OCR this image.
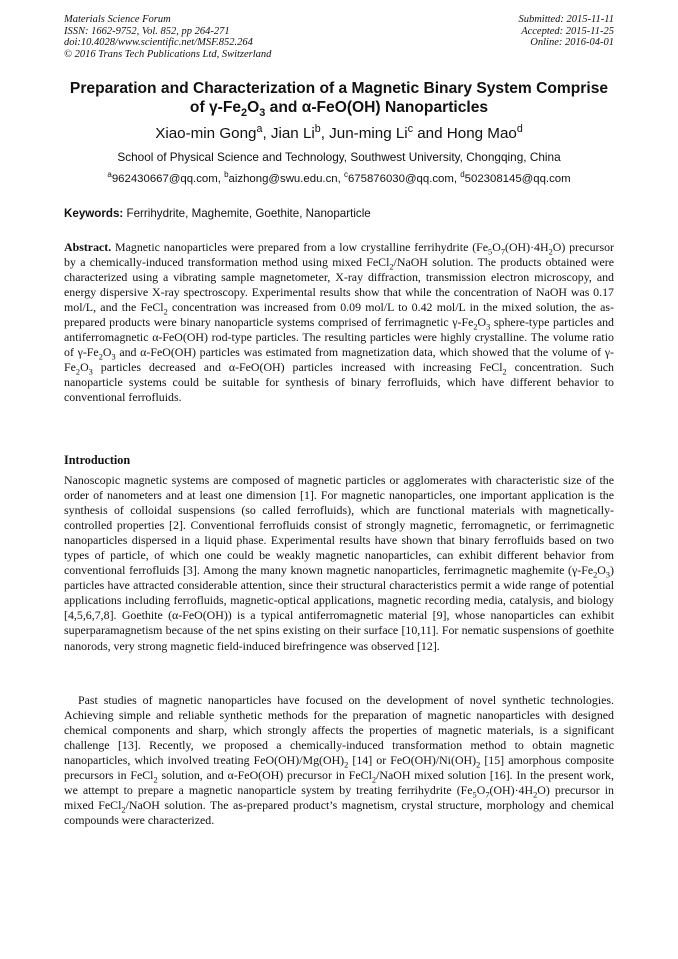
Materials Science Forum
ISSN: 1662-9752, Vol. 852, pp 264-271
doi:10.4028/www.scientific.net/MSF.852.264
© 2016 Trans Tech Publications Ltd, Switzerland
Submitted: 2015-11-11
Accepted: 2015-11-25
Online: 2016-04-01
Preparation and Characterization of a Magnetic Binary System Comprise
of $\gamma-Fe_2O_3$ and α-FeO(OH) Nanoparticles

Xiao-min Gong$^a$, Jian Li$^b$, Jun-ming Li$^c$ and Hong Mao$^d$

School of Physical Science and Technology, Southwest University, Chongqing, China

$^a$962430667@qq.com, $^b$aizhong@swu.edu.cn, $^c$675876030@qq.com, $^d$502308145@qq.com

Keywords: Ferrihydrite, Maghemite, Goethite, Nanoparticle

Abstract. Magnetic nanoparticles were prepared from a low crystalline ferrihydrite $(Fe_5O_7(OH)\cdot 4H_2O)$ precursor by a chemically-induced transformation method using mixed FeCl$_2$/NaOH solution. The products obtained were characterized using a vibrating sample magnetometer, X-ray diffraction, transmission electron microscopy, and energy dispersive X-ray spectroscopy. Experimental results show that while the concentration of NaOH was 0.17 mol/L, and the FeCl$_2$ concentration was increased from 0.09 mol/L to 0.42 mol/L in the mixed solution, the as-prepared products were binary nanoparticle systems comprised of ferrimagnetic $\gamma-Fe_2O_3$ sphere-type particles and antiferromagnetic α-FeO(OH) rod-type particles. The resulting particles were highly crystalline. The volume ratio of $\gamma-Fe_2O_3$ and α-FeO(OH) particles was estimated from magnetization data, which showed that the volume of $\gamma-Fe_2O_3$ particles decreased and α-FeO(OH) particles increased with increasing FeCl$_2$ concentration. Such nanoparticle systems could be suitable for synthesis of binary ferrofluids, which have different behavior to conventional ferrofluids.

Introduction

Nanoscopic magnetic systems are composed of magnetic particles or agglomerates with characteristic size of the order of nanometers and at least one dimension [1]. For magnetic nanoparticles, one important application is the synthesis of colloidal suspensions (so called ferrofluids), which are functional materials with magnetically-controlled properties [2]. Conventional ferrofluids consist of strongly magnetic, ferromagnetic, or ferrimagnetic nanoparticles dispersed in a liquid phase. Experimental results have shown that binary ferrofluids based on two types of particle, of which one could be weakly magnetic nanoparticles, can exhibit different behavior from conventional ferrofluids [3]. Among the many known magnetic nanoparticles, ferrimagnetic maghemite $(\gamma-Fe_2O_3)$ particles have attracted considerable attention, since their structural characteristics permit a wide range of potential applications including ferrofluids, magnetic-optical applications, magnetic recording media, catalysis, and biology [4,5,6,7,8]. Goethite (α-FeO(OH)) is a typical antiferromagnetic material [9], whose nanoparticles can exhibit superparamagnetism because of the net spins existing on their surface [10,11]. For nematic suspensions of goethite nanorods, very strong magnetic field-induced birefringence was observed [12].

Past studies of magnetic nanoparticles have focused on the development of novel synthetic technologies. Achieving simple and reliable synthetic methods for the preparation of magnetic nanoparticles with designed chemical components and sharp, which strongly affects the properties of magnetic materials, is a significant challenge [13]. Recently, we proposed a chemically-induced transformation method to obtain magnetic nanoparticles, which involved treating $FeO(OH)/Mg(OH)_2$ [14] or $FeO(OH)/Ni(OH)_2$ [15] amorphous composite precursors in FeCl$_2$ solution, and α-FeO(OH) precursor in FeCl$_2$/NaOH mixed solution [16]. In the present work, we attempt to prepare a magnetic nanoparticle system by treating ferrihydrite $(Fe_5O_7(OH)\cdot 4H_2O)$ precursor in mixed FeCl$_2$/NaOH solution. The as-prepared product’s magnetism, crystal structure, morphology and chemical compounds were characterized.
